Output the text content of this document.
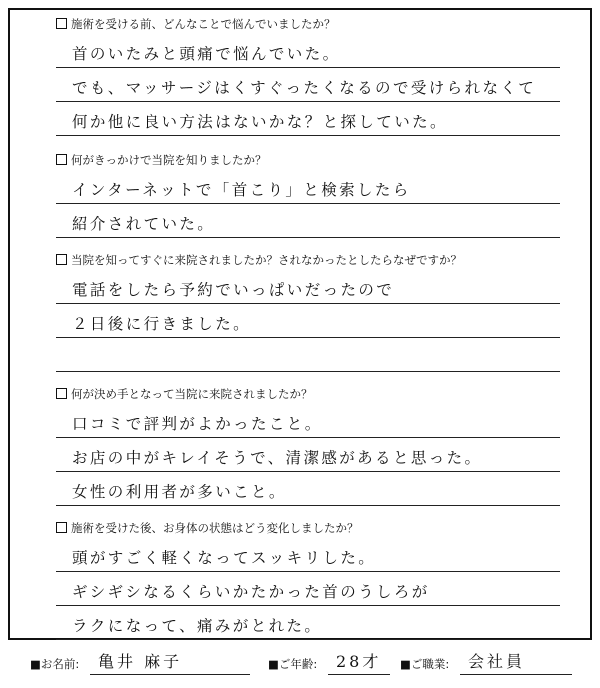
施術を受ける前、どんなことで悩んでいましたか？
首のいたみと頭痛で悩んでいた。
でも、マッサージはくすぐったくなるので受けられなくて
何か他に良い方法はないかな？と探していた。
何がきっかけで当院を知りましたか？
インターネットで「首こり」と検索したら
紹介されていた。
当院を知ってすぐに来院されましたか？されなかったとしたらなぜですか？
電話をしたら予約でいっぱいだったので
２日後に行きました。
何が決め手となって当院に来院されましたか？
口コミで評判がよかったこと。
お店の中がキレイそうで、清潔感があると思った。
女性の利用者が多いこと。
施術を受けた後、お身体の状態はどう変化しましたか？
頭がすごく軽くなってスッキリした。
ギシギシなるくらいかたかった首のうしろが
ラクになって、痛みがとれた。
■お名前: 亀井 麻子	■ご年齢: 28才 ■ご職業: 会社員
